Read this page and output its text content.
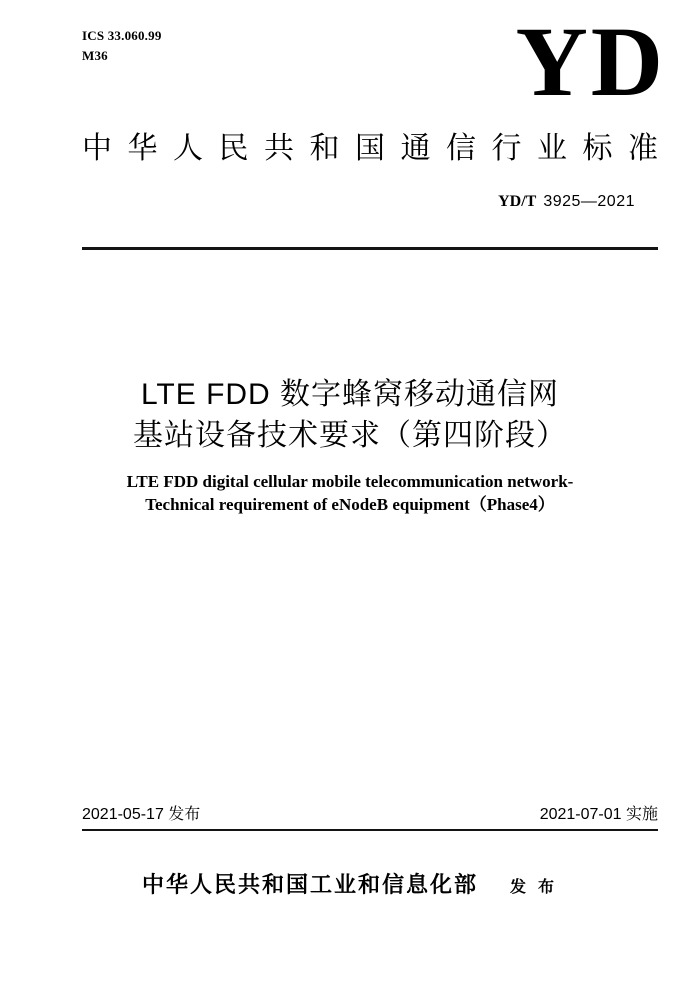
ICS 33.060.99
M36	YD
中 华 人 民 共 和 国 通 信 行 业 标 准
YD/T 3925—2021
LTE FDD 数字蜂窝移动通信网
基站设备技术要求（第四阶段）
LTE FDD digital cellular mobile telecommunication network-
Technical requirement of eNodeB equipment（Phase4）
2021-05-17 发布	2021-07-01 实施
中华人民共和国工业和信息化部 发 布
